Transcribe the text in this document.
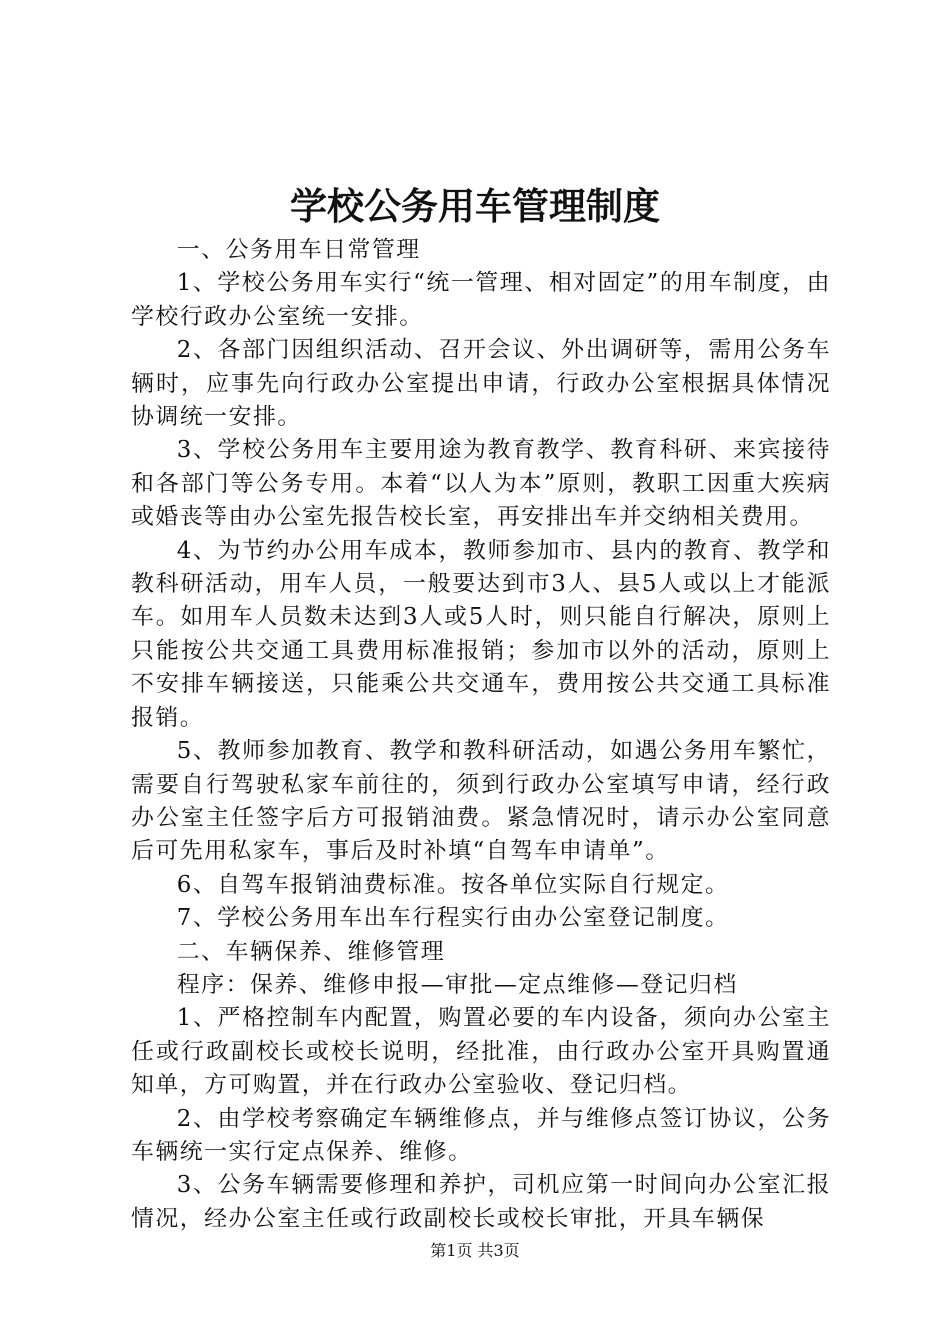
学校公务用车管理制度

一、公务用车日常管理

1、学校公务用车实行“统一管理、相对固定”的用车制度，由学校行政办公室统一安排。

2、各部门因组织活动、召开会议、外出调研等，需用公务车辆时，应事先向行政办公室提出申请，行政办公室根据具体情况协调统一安排。

3、学校公务用车主要用途为教育教学、教育科研、来宾接待和各部门等公务专用。本着“以人为本”原则，教职工因重大疾病或婚丧等由办公室先报告校长室，再安排出车并交纳相关费用。

4、为节约办公用车成本，教师参加市、县内的教育、教学和教科研活动，用车人员，一般要达到市3人、县5人或以上才能派车。如用车人员数未达到3人或5人时，则只能自行解决，原则上只能按公共交通工具费用标准报销；参加市以外的活动，原则上不安排车辆接送，只能乘公共交通车，费用按公共交通工具标准报销。

5、教师参加教育、教学和教科研活动，如遇公务用车繁忙，需要自行驾驶私家车前往的，须到行政办公室填写申请，经行政办公室主任签字后方可报销油费。紧急情况时，请示办公室同意后可先用私家车，事后及时补填“自驾车申请单”。

6、自驾车报销油费标准。按各单位实际自行规定。

7、学校公务用车出车行程实行由办公室登记制度。

二、车辆保养、维修管理

程序：保养、维修申报—审批—定点维修—登记归档

1、严格控制车内配置，购置必要的车内设备，须向办公室主任或行政副校长或校长说明，经批准，由行政办公室开具购置通知单，方可购置，并在行政办公室验收、登记归档。

2、由学校考察确定车辆维修点，并与维修点签订协议，公务车辆统一实行定点保养、维修。

3、公务车辆需要修理和养护，司机应第一时间向办公室汇报情况，经办公室主任或行政副校长或校长审批，开具车辆保

第1页 共3页
